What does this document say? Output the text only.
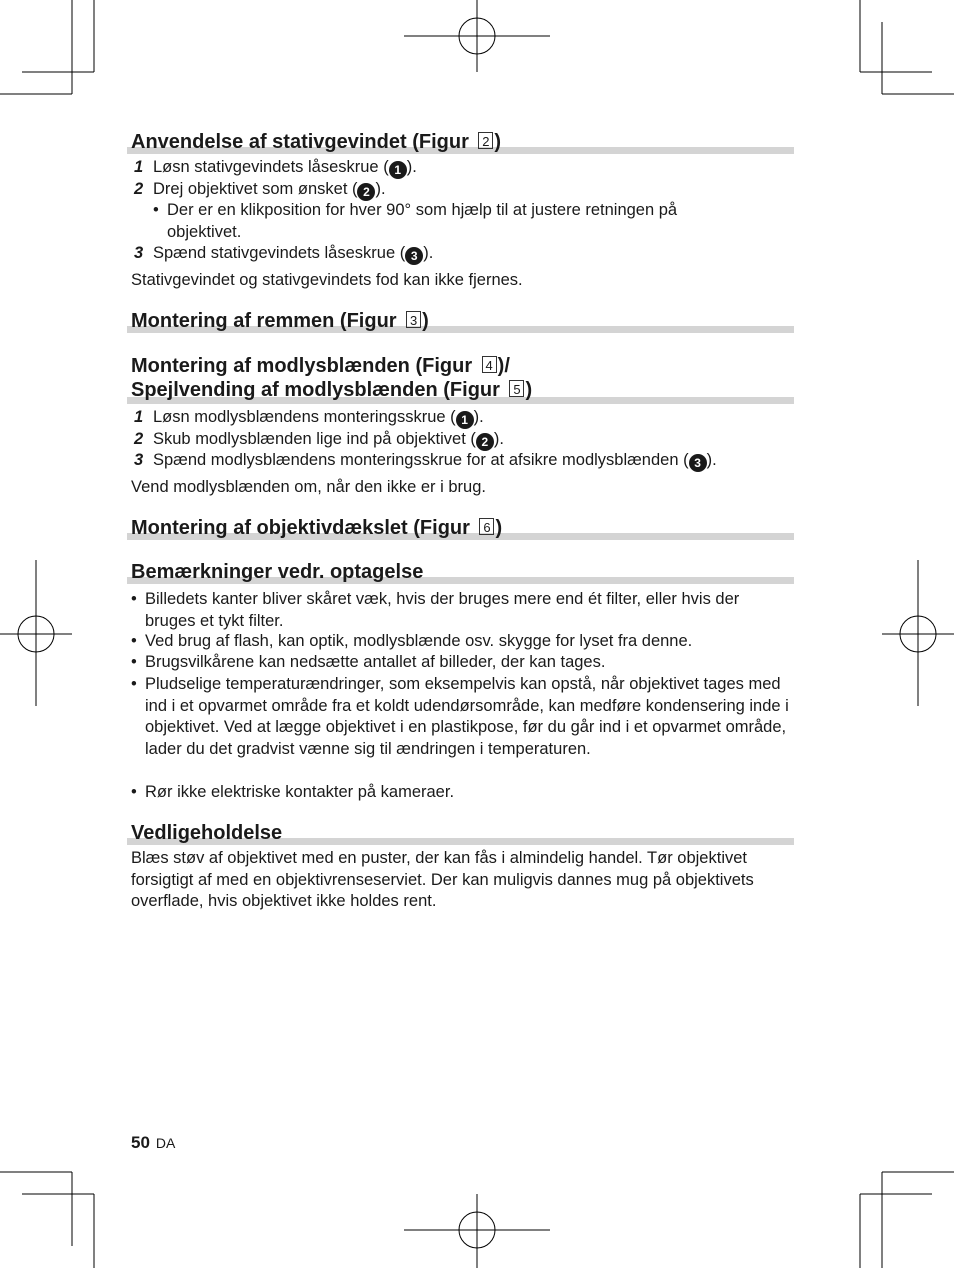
Anvendelse af stativgevindet (Figur 2 )
1 Løsn stativgevindets låseskrue ( 1 ).
2 Drej objektivet som ønsket ( 2 ).
• Der er en klikposition for hver 90° som hjælp til at justere retningen på objektivet.
3 Spænd stativgevindets låseskrue ( 3 ).
Stativgevindet og stativgevindets fod kan ikke fjernes.
Montering af remmen (Figur 3 )
Montering af modlysblænden (Figur 4 )/
Spejlvending af modlysblænden (Figur 5 )
1 Løsn modlysblændens monteringsskrue ( 1 ).
2 Skub modlysblænden lige ind på objektivet ( 2 ).
3 Spænd modlysblændens monteringsskrue for at afsikre modlysblænden ( 3 ).
Vend modlysblænden om, når den ikke er i brug.
Montering af objektivdækslet (Figur 6 )
Bemærkninger vedr. optagelse
• Billedets kanter bliver skåret væk, hvis der bruges mere end ét filter, eller hvis der bruges et tykt filter.
• Ved brug af flash, kan optik, modlysblænde osv. skygge for lyset fra denne.
• Brugsvilkårene kan nedsætte antallet af billeder, der kan tages.
• Pludselige temperaturændringer, som eksempelvis kan opstå, når objektivet tages med ind i et opvarmet område fra et koldt udendørsområde, kan medføre kondensering inde i objektivet. Ved at lægge objektivet i en plastikpose, før du går ind i et opvarmet område, lader du det gradvist vænne sig til ændringen i temperaturen.
• Rør ikke elektriske kontakter på kameraer.
Vedligeholdelse
Blæs støv af objektivet med en puster, der kan fås i almindelig handel. Tør objektivet forsigtigt af med en objektivrenseserviet. Der kan muligvis dannes mug på objektivets overflade, hvis objektivet ikke holdes rent.
50 DA
